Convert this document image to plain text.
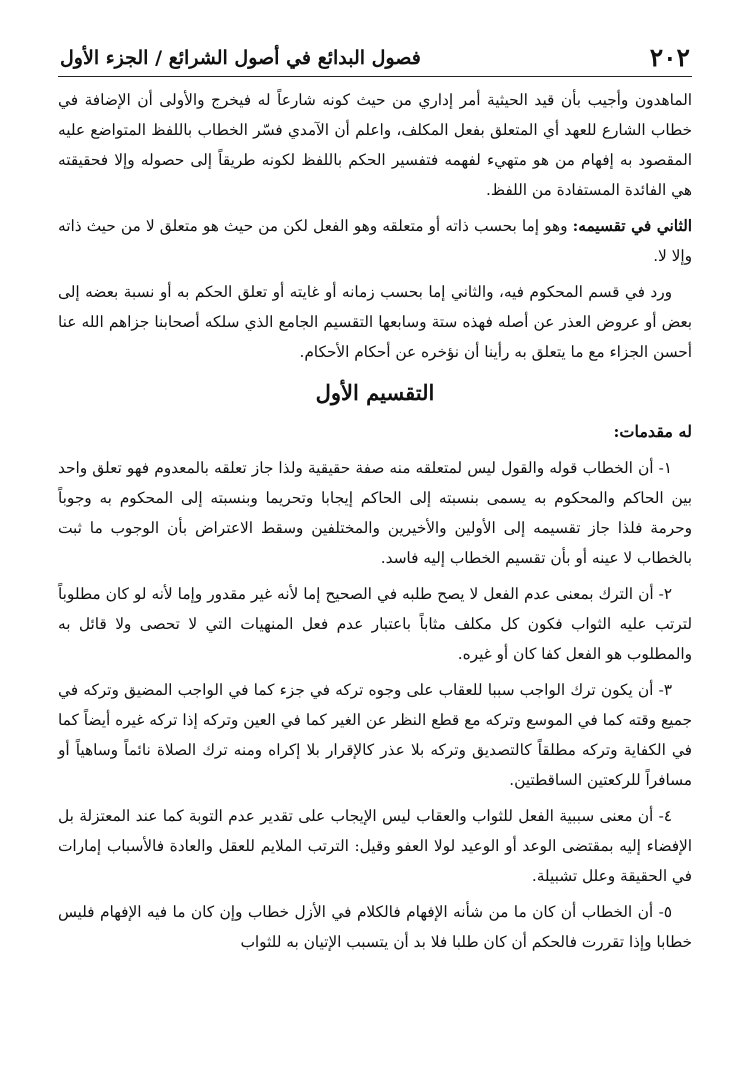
٢٠٢
فصول البدائع في أصول الشرائع / الجزء الأول

الماهدون وأجيب بأن قيد الحيثية أمر إداري من حيث كونه شارعاً له فيخرج والأولى أن الإضافة في خطاب الشارع للعهد أي المتعلق بفعل المكلف، واعلم أن الآمدي فسّر الخطاب باللفظ المتواضع عليه المقصود به إفهام من هو متهيء لفهمه فتفسير الحكم باللفظ لكونه طريقاً إلى حصوله وإلا فحقيقته هي الفائدة المستفادة من اللفظ.

الثاني في تقسيمه: وهو إما بحسب ذاته أو متعلقه وهو الفعل لكن من حيث هو متعلق لا من حيث ذاته وإلا لا.

ورد في قسم المحكوم فيه، والثاني إما بحسب زمانه أو غايته أو تعلق الحكم به أو نسبة بعضه إلى بعض أو عروض العذر عن أصله فهذه ستة وسابعها التقسيم الجامع الذي سلكه أصحابنا جزاهم الله عنا أحسن الجزاء مع ما يتعلق به رأينا أن نؤخره عن أحكام الأحكام.

التقسيم الأول
له مقدمات:

١- أن الخطاب قوله والقول ليس لمتعلقه منه صفة حقيقية ولذا جاز تعلقه بالمعدوم فهو تعلق واحد بين الحاكم والمحكوم به يسمى بنسبته إلى الحاكم إيجابا وتحريما وبنسبته إلى المحكوم به وجوباً وحرمة فلذا جاز تقسيمه إلى الأولين والأخيرين والمختلفين وسقط الاعتراض بأن الوجوب ما ثبت بالخطاب لا عينه أو بأن تقسيم الخطاب إليه فاسد.

٢- أن الترك بمعنى عدم الفعل لا يصح طلبه في الصحيح إما لأنه غير مقدور وإما لأنه لو كان مطلوباً لترتب عليه الثواب فكون كل مكلف مثاباً باعتبار عدم فعل المنهيات التي لا تحصى ولا قائل به والمطلوب هو الفعل كفا كان أو غيره.

٣- أن يكون ترك الواجب سببا للعقاب على وجوه تركه في جزء كما في الواجب المضيق وتركه في جميع وقته كما في الموسع وتركه مع قطع النظر عن الغير كما في العين وتركه إذا تركه غيره أيضاً كما في الكفاية وتركه مطلقاً كالتصديق وتركه بلا عذر كالإقرار بلا إكراه ومنه ترك الصلاة نائماً وساهياً أو مسافراً للركعتين الساقطتين.

٤- أن معنى سببية الفعل للثواب والعقاب ليس الإيجاب على تقدير عدم التوبة كما عند المعتزلة بل الإفضاء إليه بمقتضى الوعد أو الوعيد لولا العفو وقيل: الترتب الملايم للعقل والعادة فالأسباب إمارات في الحقيقة وعلل تشبيلة.

٥- أن الخطاب أن كان ما من شأنه الإفهام فالكلام في الأزل خطاب وإن كان ما فيه الإفهام فليس خطابا وإذا تقررت فالحكم أن كان طلبا فلا بد أن يتسبب الإتيان به للثواب
